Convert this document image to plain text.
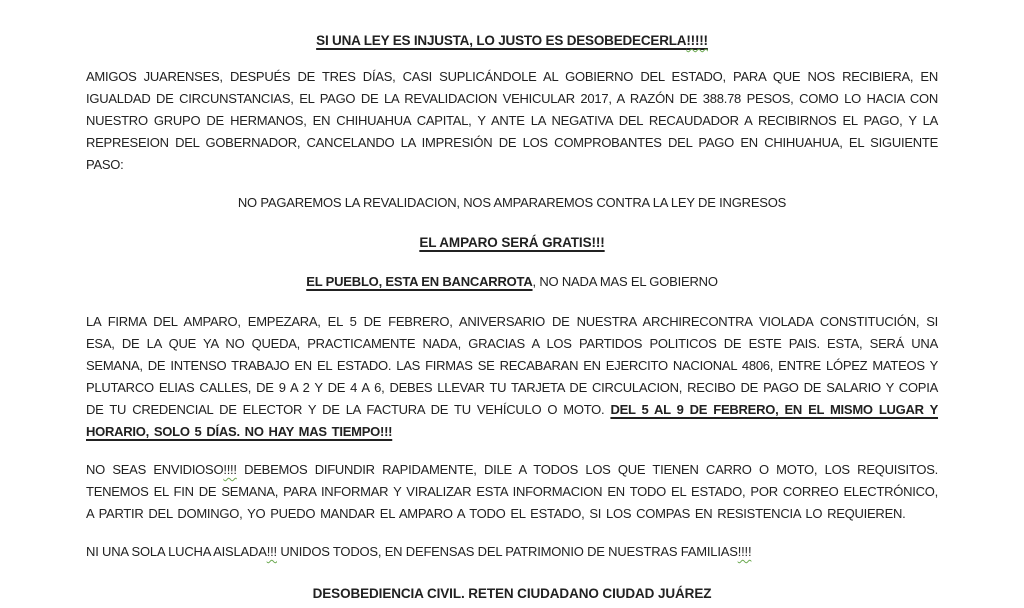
SI UNA LEY ES INJUSTA, LO JUSTO ES DESOBEDECERLA!!!!!

AMIGOS JUARENSES, DESPUÉS DE TRES DÍAS, CASI SUPLICÁNDOLE AL GOBIERNO DEL ESTADO, PARA QUE NOS RECIBIERA, EN IGUALDAD DE CIRCUNSTANCIAS, EL PAGO DE LA REVALIDACION VEHICULAR 2017, A RAZÓN DE 388.78 PESOS, COMO LO HACIA CON NUESTRO GRUPO DE HERMANOS, EN CHIHUAHUA CAPITAL, Y ANTE LA NEGATIVA DEL RECAUDADOR A RECIBIRNOS EL PAGO, Y LA REPRESEION DEL GOBERNADOR, CANCELANDO LA IMPRESIÓN DE LOS COMPROBANTES DEL PAGO EN CHIHUAHUA, EL SIGUIENTE PASO:

NO PAGAREMOS LA REVALIDACION, NOS AMPARAREMOS CONTRA LA LEY DE INGRESOS

EL AMPARO SERÁ GRATIS!!!

EL PUEBLO, ESTA EN BANCARROTA, NO NADA MAS EL GOBIERNO

LA FIRMA DEL AMPARO, EMPEZARA, EL 5 DE FEBRERO, ANIVERSARIO DE NUESTRA ARCHIRECONTRA VIOLADA CONSTITUCIÓN, SI ESA, DE LA QUE YA NO QUEDA, PRACTICAMENTE NADA, GRACIAS A LOS PARTIDOS POLITICOS DE ESTE PAIS. ESTA, SERÁ UNA SEMANA, DE INTENSO TRABAJO EN EL ESTADO. LAS FIRMAS SE RECABARAN EN EJERCITO NACIONAL 4806, ENTRE LÓPEZ MATEOS Y PLUTARCO ELIAS CALLES, DE 9 A 2 Y DE 4 A 6, DEBES LLEVAR TU TARJETA DE CIRCULACION, RECIBO DE PAGO DE SALARIO Y COPIA DE TU CREDENCIAL DE ELECTOR Y DE LA FACTURA DE TU VEHÍCULO O MOTO. DEL 5 AL 9 DE FEBRERO, EN EL MISMO LUGAR Y HORARIO, SOLO 5 DÍAS. NO HAY MAS TIEMPO!!!

NO SEAS ENVIDIOSO!!!! DEBEMOS DIFUNDIR RAPIDAMENTE, DILE A TODOS LOS QUE TIENEN CARRO O MOTO, LOS REQUISITOS. TENEMOS EL FIN DE SEMANA, PARA INFORMAR Y VIRALIZAR ESTA INFORMACION EN TODO EL ESTADO, POR CORREO ELECTRÓNICO, A PARTIR DEL DOMINGO, YO PUEDO MANDAR EL AMPARO A TODO EL ESTADO, SI LOS COMPAS EN RESISTENCIA LO REQUIEREN.

NI UNA SOLA LUCHA AISLADA!!! UNIDOS TODOS, EN DEFENSAS DEL PATRIMONIO DE NUESTRAS FAMILIAS!!!!

DESOBEDIENCIA CIVIL. RETEN CIUDADANO CIUDAD JUÁREZ
